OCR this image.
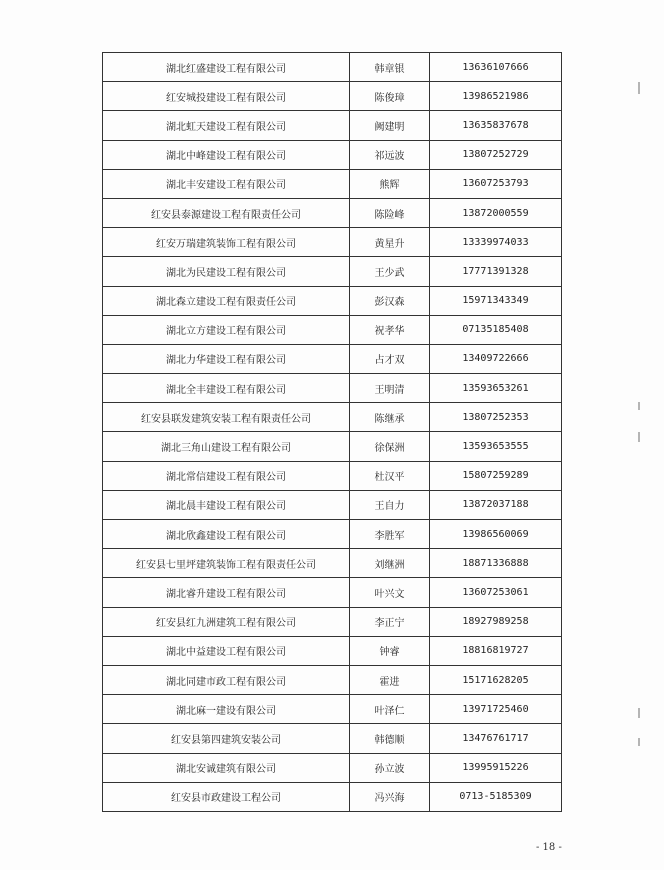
湖北红盛建设工程有限公司	韩章银	13636107666
红安城投建设工程有限公司	陈俊璋	13986521986
湖北虹天建设工程有限公司	阙建明	13635837678
湖北中峰建设工程有限公司	祁远波	13807252729
湖北丰安建设工程有限公司	熊辉	13607253793
红安县泰源建设工程有限责任公司	陈险峰	13872000559
红安万瑞建筑装饰工程有限公司	黄星升	13339974033
湖北为民建设工程有限公司	王少武	17771391328
湖北森立建设工程有限责任公司	彭汉森	15971343349
湖北立方建设工程有限公司	祝孝华	07135185408
湖北力华建设工程有限公司	占才双	13409722666
湖北全丰建设工程有限公司	王明清	13593653261
红安县联发建筑安装工程有限责任公司	陈继承	13807252353
湖北三角山建设工程有限公司	徐保洲	13593653555
湖北常信建设工程有限公司	杜汉平	15807259289
湖北晨丰建设工程有限公司	王自力	13872037188
湖北欣鑫建设工程有限公司	李胜军	13986560069
红安县七里坪建筑装饰工程有限责任公司	刘继洲	18871336888
湖北睿升建设工程有限公司	叶兴文	13607253061
红安县红九洲建筑工程有限公司	李正宁	18927989258
湖北中益建设工程有限公司	钟睿	18816819727
湖北同建市政工程有限公司	霍进	15171628205
湖北麻一建设有限公司	叶泽仁	13971725460
红安县第四建筑安装公司	韩德顺	13476761717
湖北安诚建筑有限公司	孙立波	13995915226
红安县市政建设工程公司	冯兴海	0713-5185309
- 18 -
